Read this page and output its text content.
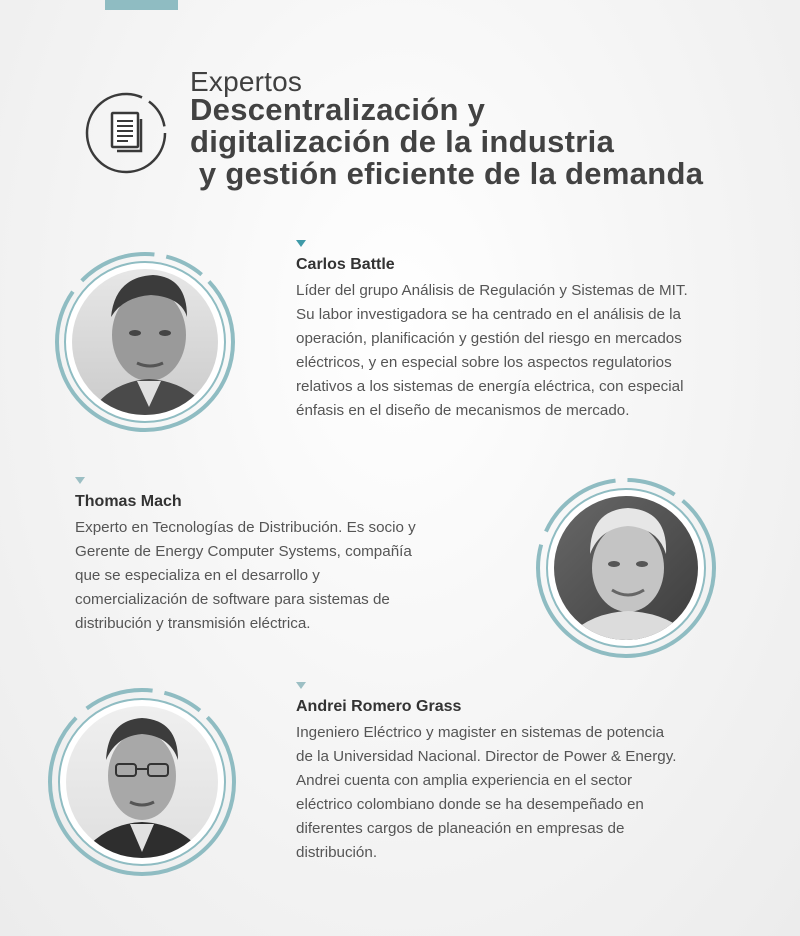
Expertos
Descentralización y
digitalización de la industria
y gestión eficiente de la demanda
Carlos Battle

Líder del grupo Análisis de Regulación y Sistemas de MIT.
Su labor investigadora se ha centrado en el análisis de la
operación, planificación y gestión del riesgo en mercados
eléctricos, y en especial sobre los aspectos regulatorios
relativos a los sistemas de energía eléctrica, con especial
énfasis en el diseño de mecanismos de mercado.

Thomas Mach

Experto en Tecnologías de Distribución. Es socio y
Gerente de Energy Computer Systems, compañía
que se especializa en el desarrollo y
comercialización de software para sistemas de
distribución y transmisión eléctrica.

Andrei Romero Grass

Ingeniero Eléctrico y magister en sistemas de potencia
de la Universidad Nacional. Director de Power & Energy.
Andrei cuenta con amplia experiencia en el sector
eléctrico colombiano donde se ha desempeñado en
diferentes cargos de planeación en empresas de
distribución.
